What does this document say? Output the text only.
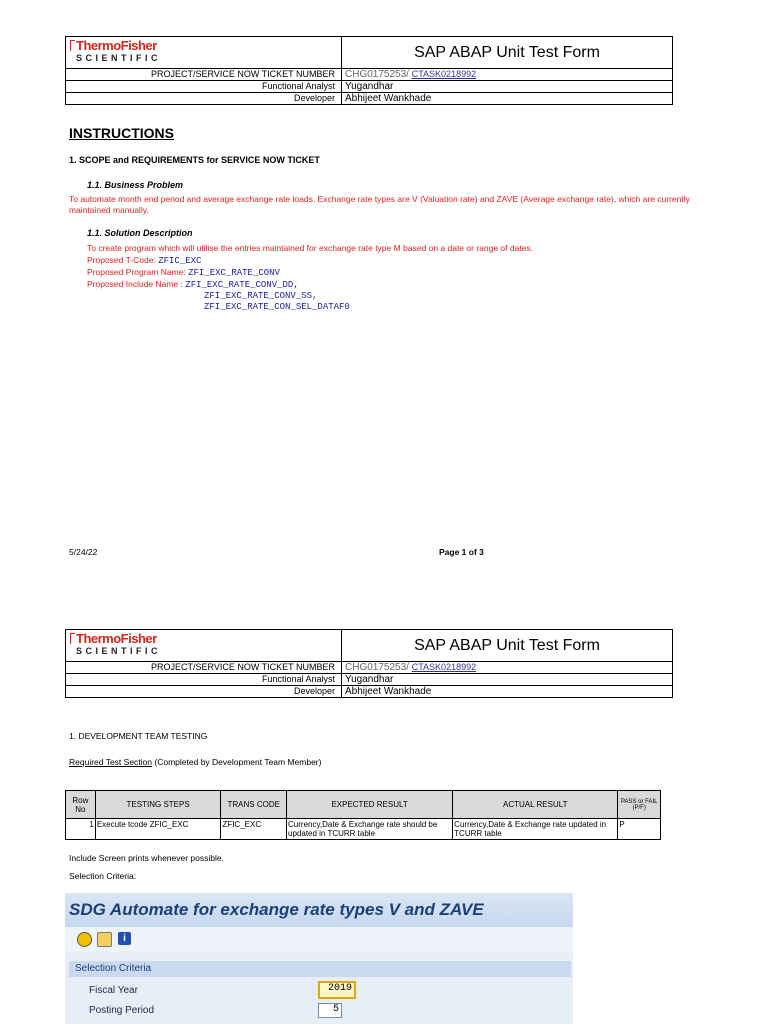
ThermoFisher
SCIENTIFIC	SAP ABAP Unit Test Form
PROJECT/SERVICE NOW TICKET NUMBER	CHG0175253/ CTASK0218992
Functional Analyst	Yugandhar
Developer	Abhijeet Wankhade
INSTRUCTIONS
1. SCOPE and REQUIREMENTS for SERVICE NOW TICKET
1.1. Business Problem
To automate month end period and average exchange rate loads. Exchange rate types are V (Valuation rate) and ZAVE (Average exchange rate), which are currently maintained manually.
1.1. Solution Description
To create program which will utilise the entries maintained for exchange rate type M based on a date or range of dates.
Proposed T-Code: ZFIC_EXC
Proposed Program Name: ZFI_EXC_RATE_CONV
Proposed Include Name : ZFI_EXC_RATE_CONV_DD,
ZFI_EXC_RATE_CONV_SS,
ZFI_EXC_RATE_CON_SEL_DATAF0
5/24/22	Page 1 of 3
ThermoFisher
SCIENTIFIC	SAP ABAP Unit Test Form
PROJECT/SERVICE NOW TICKET NUMBER	CHG0175253/ CTASK0218992
Functional Analyst	Yugandhar
Developer	Abhijeet Wankhade
1. DEVELOPMENT TEAM TESTING
Required Test Section (Completed by Development Team Member)
Row No	TESTING STEPS	TRANS CODE	EXPECTED RESULT	ACTUAL RESULT	PASS or FAIL (P/F)
1	Execute tcode ZFIC_EXC	ZFIC_EXC	Currency,Date & Exchange rate should be updated in TCURR table	Currency,Date & Exchange rate updated in TCURR table	P
Include Screen prints whenever possible.
Selection Criteria:
SDG Automate for exchange rate types V and ZAVE
i
Selection Criteria
Fiscal Year	2019
Posting Period	5
